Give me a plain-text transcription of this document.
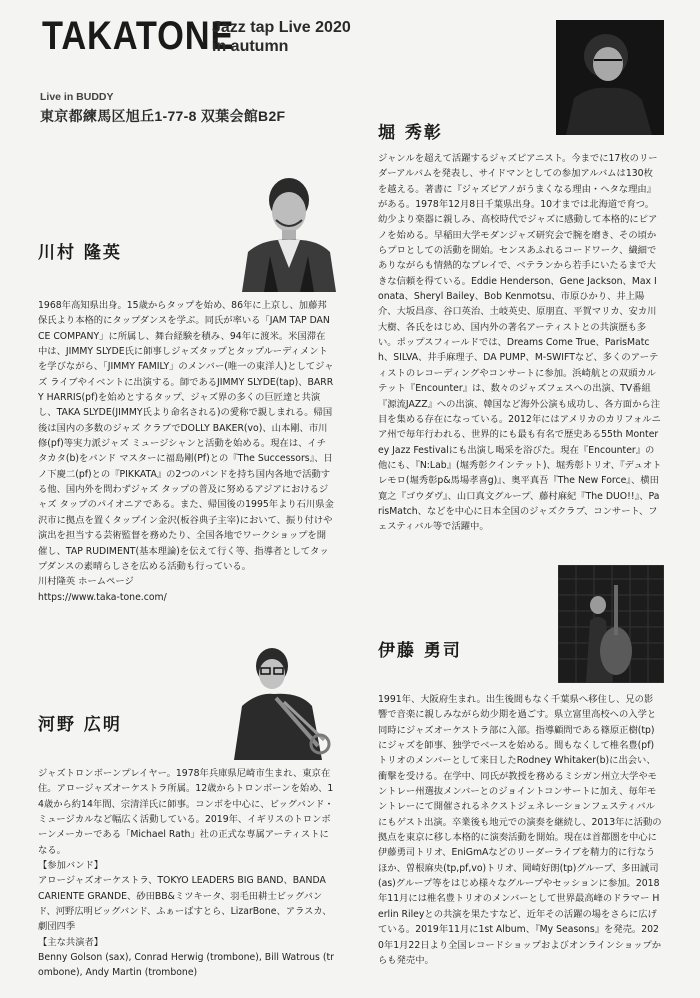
TAKATONE
Jazz tap Live 2020
in autumn
Live in BUDDY
東京都練馬区旭丘1-77-8 双葉会館B2F
川村 隆英

1968年高知県出身。15歳からタップを始め、86年に上京し、加藤邦保氏より本格的にタップダンスを学ぶ。同氏が率いる「JAM TAP DANCE COMPANY」に所属し、舞台経験を積み、94年に渡米。米国滞在中は、JIMMY SLYDE氏に師事しジャズタップとタップルーディメントを学びながら、「JIMMY FAMILY」のメンバー(唯一の東洋人)としてジャズ ライブやイベントに出演する。師であるJIMMY SLYDE(tap)、BARRY HARRIS(pf)を始めとするタップ、ジャズ界の多くの巨匠達と共演し、TAKA SLYDE(JIMMY氏より命名される)の愛称で親しまれる。帰国後は国内の多数のジャズ クラブでDOLLY BAKER(vo)、山本剛、市川修(pf)等実力派ジャズ ミュージシャンと活動を始める。現在は、イチタカタ(b)をバンド マスターに福島剛(Pf)との『The Successors』、日ノ下慶二(pf)との『PIKKATA』の2つのバンドを持ち国内各地で活動する他、国内外を問わずジャズ タップの普及に努めるアジアにおけるジャズ タップのパイオニアである。また、帰国後の1995年より石川県金沢市に拠点を置くタップイン金沢(板谷典子主宰)において、振り付けや演出を担当する芸術監督を務めたり、全国各地でワークショップを開催し、TAP RUDIMENT(基本理論)を伝えて行く等、指導者としてタップダンスの素晴らしさを広める活動も行っている。

川村隆英 ホームページ

https://www.taka-tone.com/

河野 広明

ジャズトロンボーンプレイヤー。1978年兵庫県尼崎市生まれ、東京在住。アロージャズオーケストラ所属。12歳からトロンボーンを始め、14歳から約14年間、宗清洋氏に師事。コンボを中心に、ビッグバンド・ミュージカルなど幅広く活動している。2019年、イギリスのトロンボーンメーカーである「Michael Rath」社の正式な専属アーティストになる。

【参加バンド】

アロージャズオーケストラ、TOKYO LEADERS BIG BAND、BANDA CARIENTE GRANDE、砂田BB&ミツキータ、羽毛田耕士ビッグバンド、河野広明ビッグバンド、ふぁーばすとら、LizarBone、アラスカ、劇団四季

【主な共演者】

Benny Golson (sax), Conrad Herwig (trombone), Bill Watrous (trombone), Andy Martin (trombone)

堀 秀彰

ジャンルを超えて活躍するジャズピアニスト。今までに17枚のリーダーアルバムを発表し、サイドマンとしての参加アルバムは130枚を越える。著書に『ジャズピアノがうまくなる理由・ヘタな理由』がある。1978年12月8日千葉県出身。10才までは北海道で育つ。幼少より楽器に親しみ、高校時代でジャズに感動して本格的にピアノを始める。早稲田大学モダンジャズ研究会で腕を磨き、その頃からプロとしての活動を開始。センスあふれるコードワーク、繊細でありながらも情熱的なプレイで、ベテランから若手にいたるまで大きな信頼を得ている。Eddie Henderson、Gene Jackson、Max Ionata、Sheryl Bailey、Bob Kenmotsu、市原ひかり、井上陽介、大坂昌彦、谷口英治、土岐英史、原朋直、平賀マリカ、安カ川大樹、各氏をはじめ、国内外の著名アーティストとの共演歴も多い。ポップスフィールドでは、Dreams Come True、ParisMatch、SILVA、井手麻理子、DA PUMP、M-SWIFTなど、多くのアーティストのレコーディングやコンサートに参加。浜崎航との双頭カルテット『Encounter』は、数々のジャズフェスへの出演、TV番組『源流JAZZ』への出演、韓国など海外公演も成功し、各方面から注目を集める存在になっている。2012年にはアメリカのカリフォルニア州で毎年行われる、世界的にも最も有名で歴史ある55th Monterey Jazz Festivalにも出演し喝采を浴びた。現在『Encounter』の他にも、『N:Lab』(堀秀彰クインテット)、堀秀彰トリオ、『デュオトレモロ(堀秀彰p&馬場孝喜g)』、奥平真吾『The New Force』、横田寛之『ゴウダヴ』、山口真文グループ、藤村麻紀『The DUO!!』、ParisMatch、などを中心に日本全国のジャズクラブ、コンサート、フェスティバル等で活躍中。

伊藤 勇司

1991年、大阪府生まれ。出生後間もなく千葉県へ移住し、兄の影響で音楽に親しみながら幼少期を過ごす。県立富里高校への入学と同時にジャズオーケストラ部に入部。指導顧問である篠原正樹(tp)にジャズを師事、独学でベースを始める。間もなくして椎名豊(pf)トリオのメンバーとして来日したRodney Whitaker(b)に出会い、衝撃を受ける。在学中、同氏が教授を務めるミシガン州立大学やモントレー州選抜メンバーとのジョイントコンサートに加え、毎年モントレーにて開催されるネクストジェネレーションフェスティバルにもゲスト出演。卒業後も地元での演奏を継続し、2013年に活動の拠点を東京に移し本格的に演奏活動を開始。現在は首都圏を中心に伊藤勇司トリオ、EniGmAなどのリーダーライブを精力的に行なうほか、曽根麻央(tp,pf,vo)トリオ、岡崎好朗(tp)グループ、多田誠司(as)グループ等をはじめ様々なグループやセッションに参加。2018年11月には椎名豊トリオのメンバーとして世界最高峰のドラマー Herlin Rileyとの共演を果たすなど、近年その活躍の場をさらに広げている。2019年11月に1st Album、『My Seasons』を発売。2020年1月22日より全国レコードショップおよびオンラインショップからも発売中。
